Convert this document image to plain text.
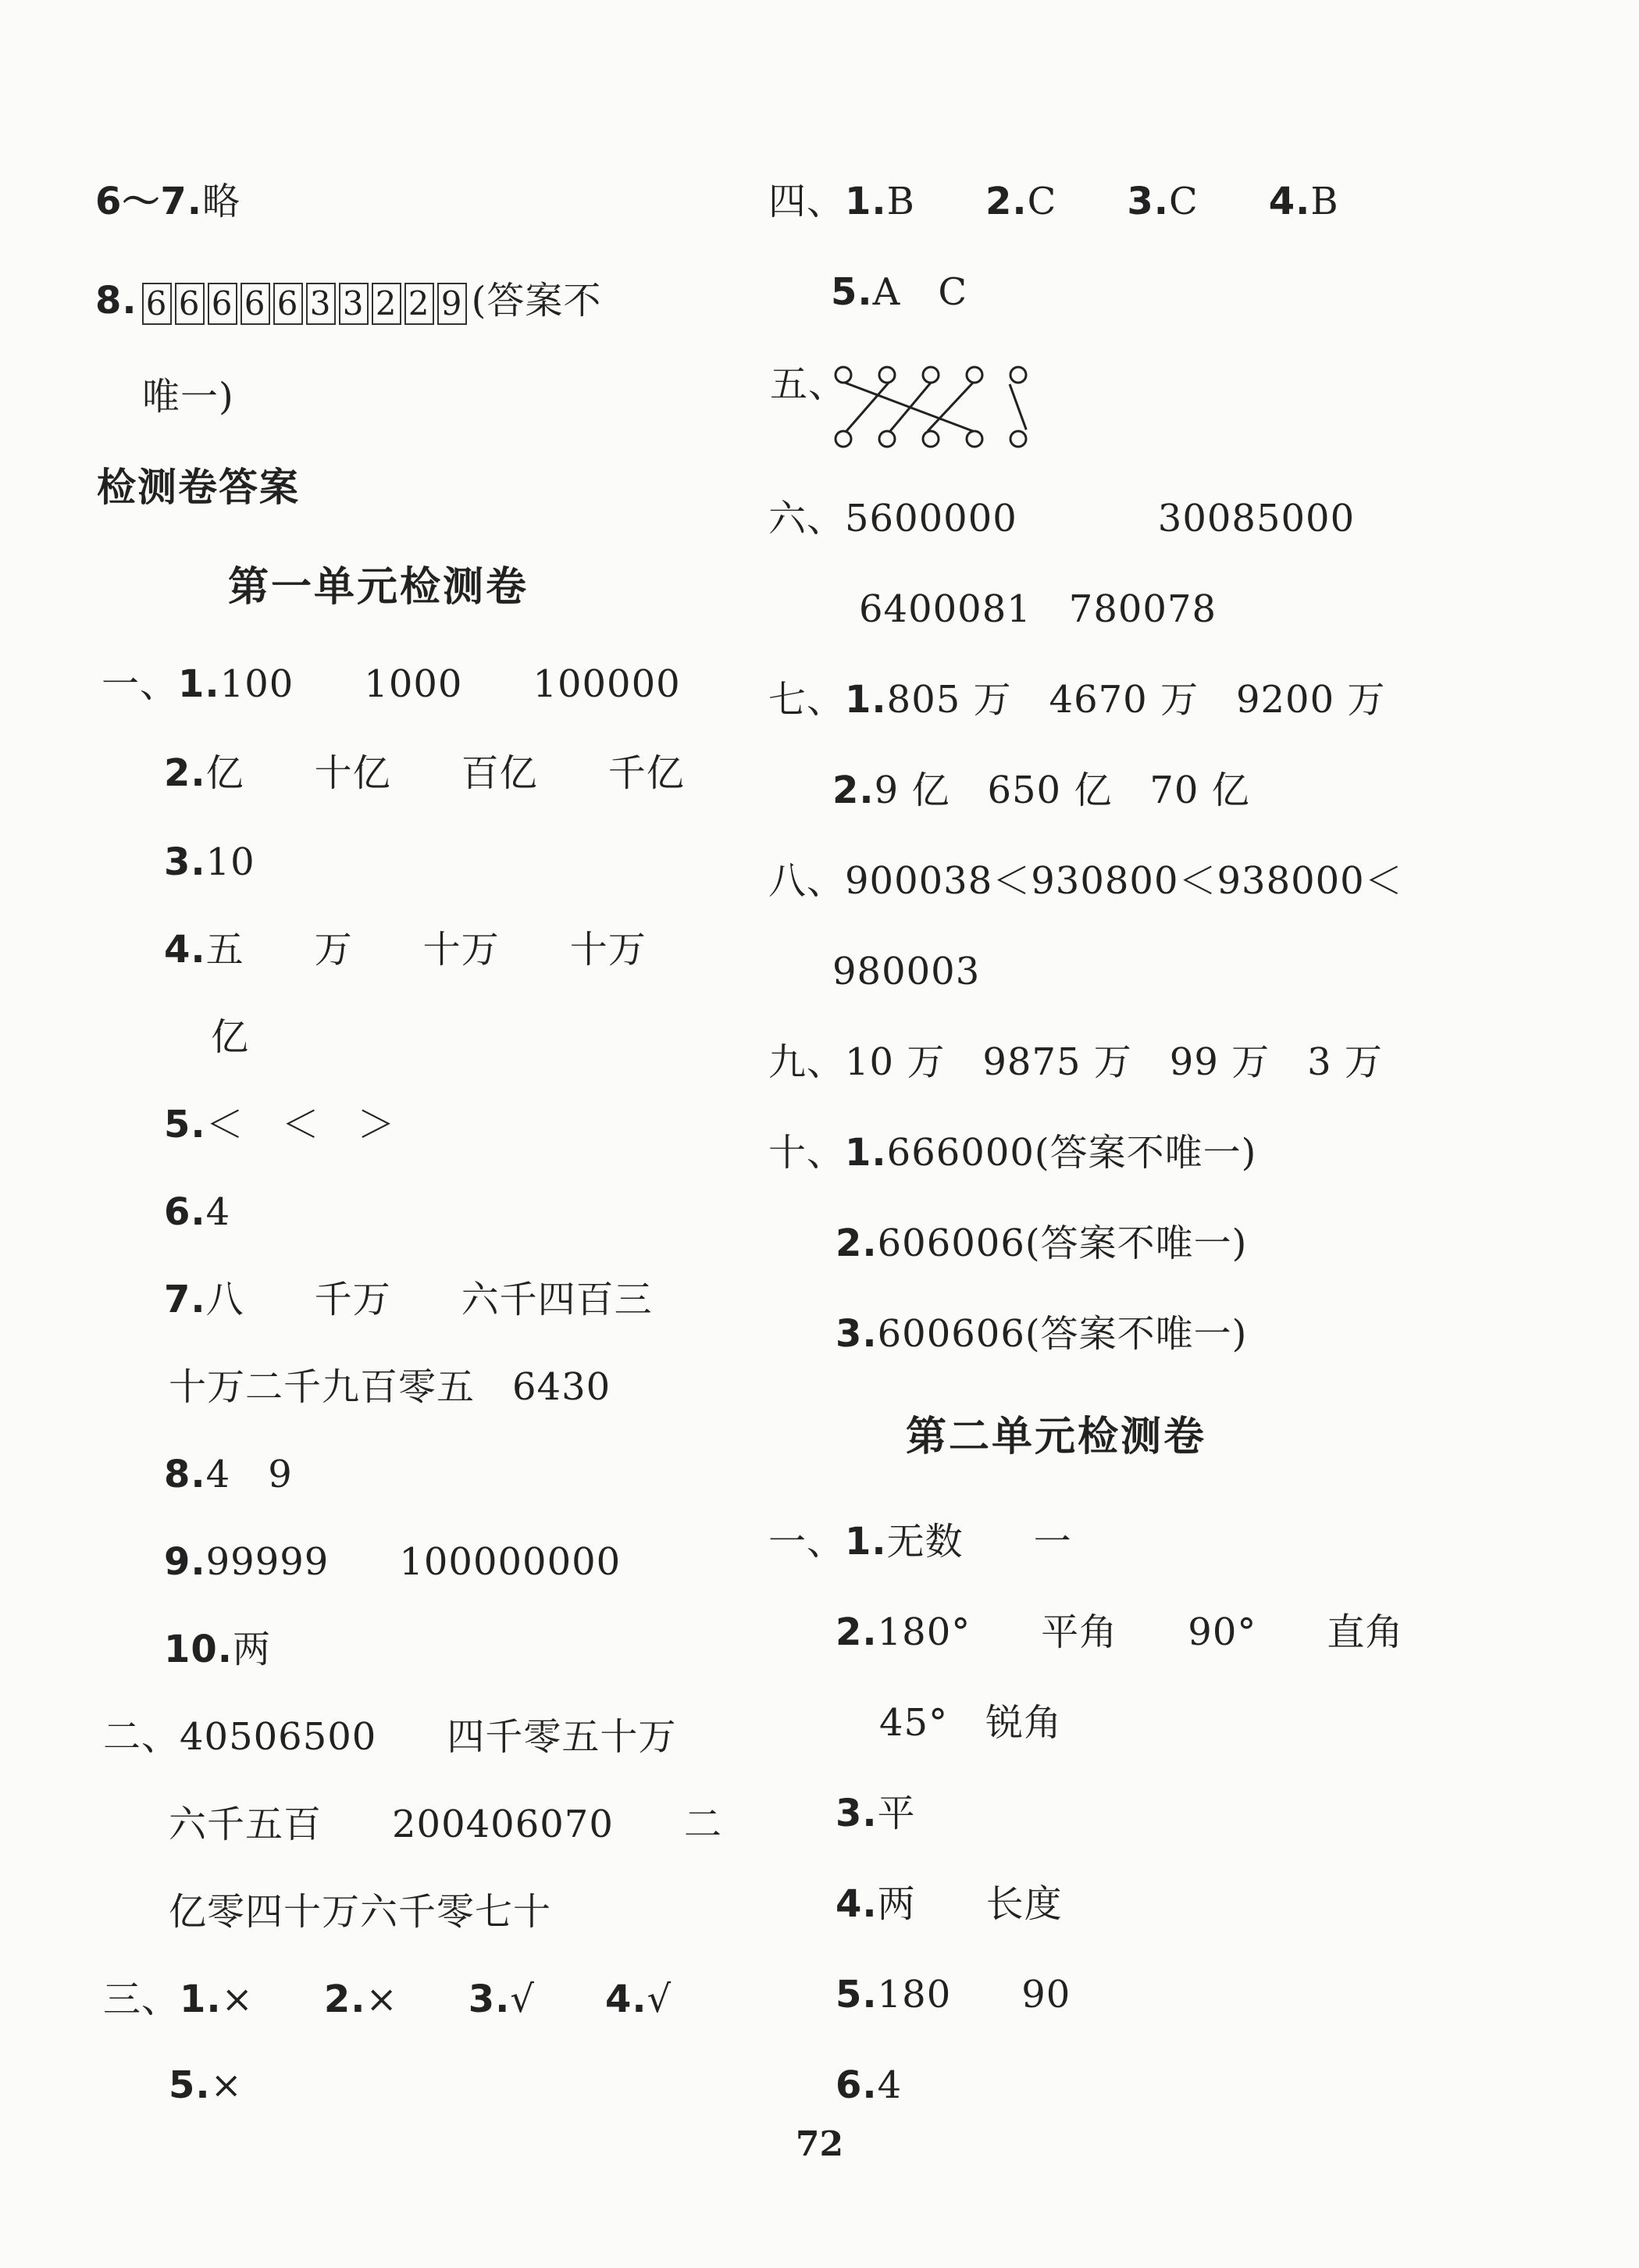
6～7.略
8. 6 6 6 6 6 3 3 2 2 9 (答案不
唯一)
检测卷答案
第一单元检测卷
一、1.100 1000 100000
2.亿 十亿 百亿 千亿
3.10
4.五 万 十万 十万
亿
5.＜ ＜ ＞
6.4
7.八 千万 六千四百三
十万二千九百零五 6430
8.4 9
9.99999 100000000
10.两
二、40506500 四千零五十万
六千五百 200406070 二
亿零四十万六千零七十
三、1.× 2.× 3.√ 4.√
5.×
四、1.B 2.C 3.C 4.B
5.A C
五、
六、5600000	30085000
6400081 780078
七、1.805 万 4670 万 9200 万
2.9 亿 650 亿 70 亿
八、900038＜930800＜938000＜
980003
九、10 万 9875 万 99 万 3 万
十、1.666000(答案不唯一)
2.606006(答案不唯一)
3.600606(答案不唯一)
第二单元检测卷
一、1.无数 一
2.180° 平角 90° 直角
45° 锐角
3.平
4.两 长度
5.180 90
6.4
72
